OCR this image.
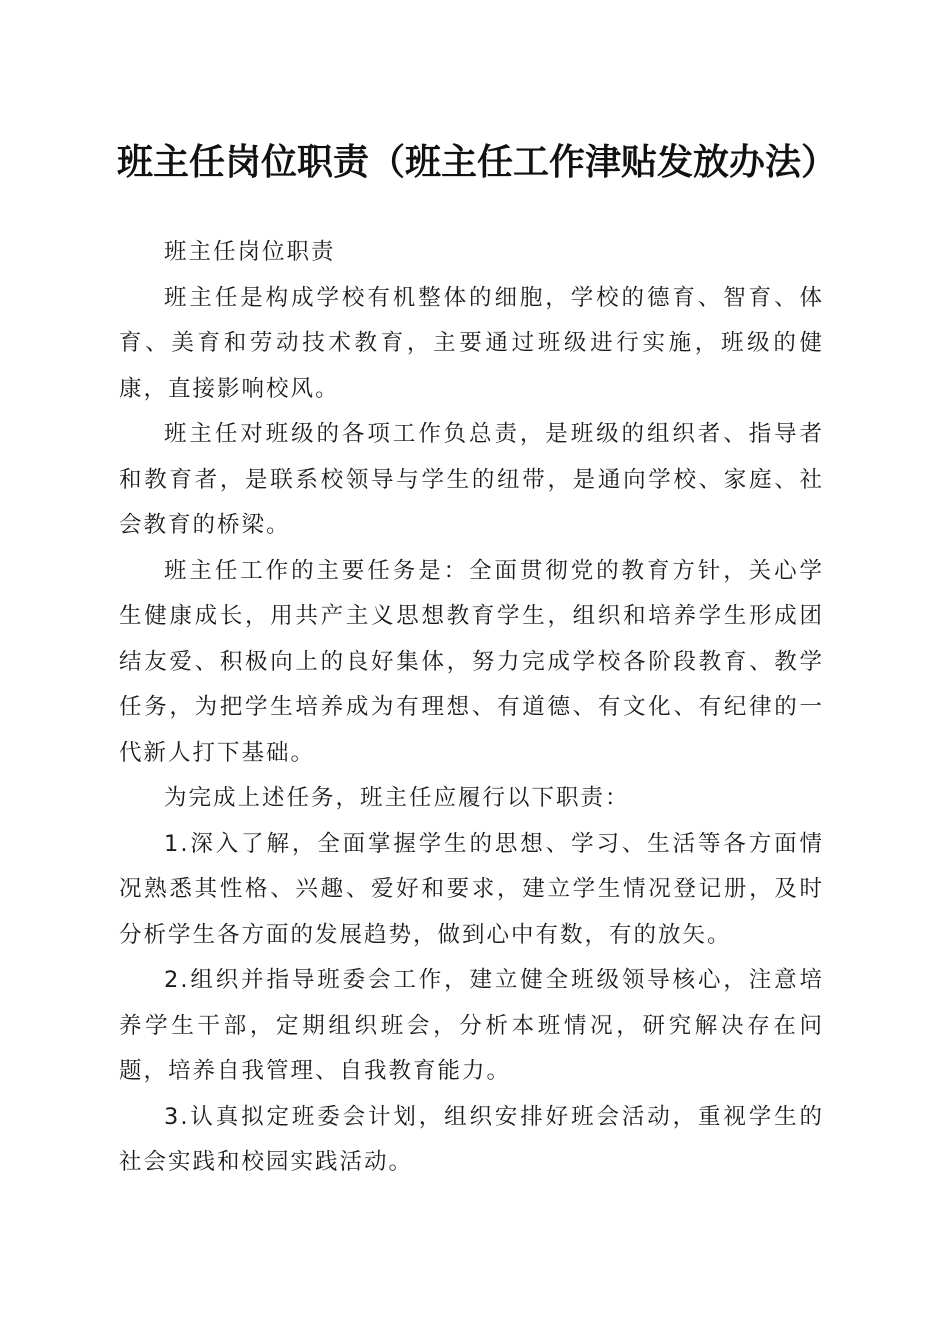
班主任岗位职责（班主任工作津贴发放办法）

班主任岗位职责

班主任是构成学校有机整体的细胞，学校的德育、智育、体育、美育和劳动技术教育，主要通过班级进行实施，班级的健康，直接影响校风。

班主任对班级的各项工作负总责，是班级的组织者、指导者和教育者，是联系校领导与学生的纽带，是通向学校、家庭、社会教育的桥梁。

班主任工作的主要任务是：全面贯彻党的教育方针，关心学生健康成长，用共产主义思想教育学生，组织和培养学生形成团结友爱、积极向上的良好集体，努力完成学校各阶段教育、教学任务，为把学生培养成为有理想、有道德、有文化、有纪律的一代新人打下基础。

为完成上述任务，班主任应履行以下职责：

1.深入了解，全面掌握学生的思想、学习、生活等各方面情况熟悉其性格、兴趣、爱好和要求，建立学生情况登记册，及时分析学生各方面的发展趋势，做到心中有数，有的放矢。

2.组织并指导班委会工作，建立健全班级领导核心，注意培养学生干部，定期组织班会，分析本班情况，研究解决存在问题，培养自我管理、自我教育能力。

3.认真拟定班委会计划，组织安排好班会活动，重视学生的社会实践和校园实践活动。
